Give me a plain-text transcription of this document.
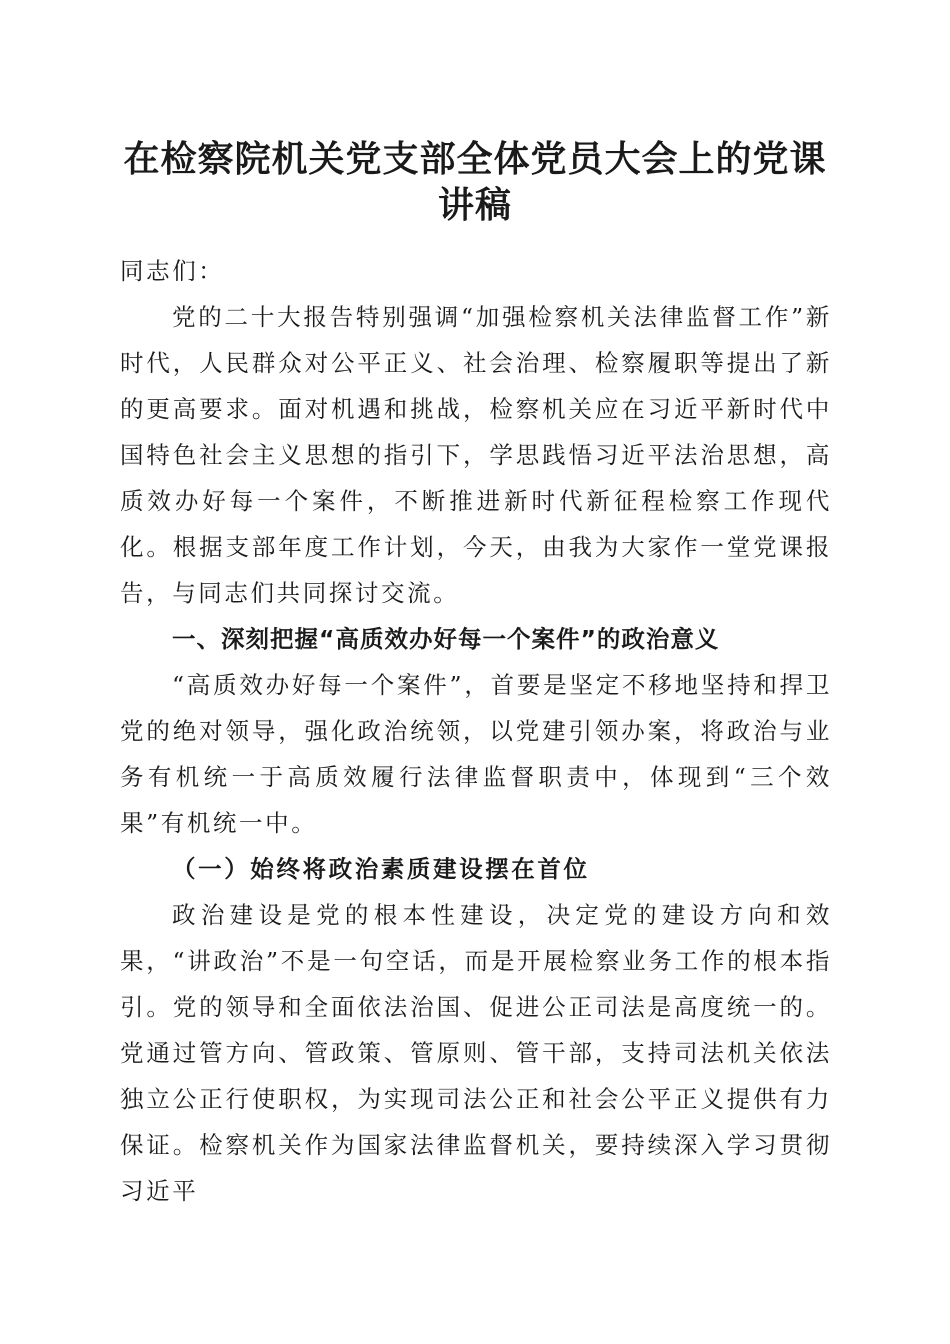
在检察院机关党支部全体党员大会上的党课讲稿

同志们：

党的二十大报告特别强调“加强检察机关法律监督工作”新时代，人民群众对公平正义、社会治理、检察履职等提出了新的更高要求。面对机遇和挑战，检察机关应在习近平新时代中国特色社会主义思想的指引下，学思践悟习近平法治思想，高质效办好每一个案件，不断推进新时代新征程检察工作现代化。根据支部年度工作计划，今天，由我为大家作一堂党课报告，与同志们共同探讨交流。

一、深刻把握“高质效办好每一个案件”的政治意义

“高质效办好每一个案件”，首要是坚定不移地坚持和捍卫党的绝对领导，强化政治统领，以党建引领办案，将政治与业务有机统一于高质效履行法律监督职责中，体现到“三个效果”有机统一中。

（一）始终将政治素质建设摆在首位

政治建设是党的根本性建设，决定党的建设方向和效果，“讲政治”不是一句空话，而是开展检察业务工作的根本指引。党的领导和全面依法治国、促进公正司法是高度统一的。党通过管方向、管政策、管原则、管干部，支持司法机关依法独立公正行使职权，为实现司法公正和社会公平正义提供有力保证。检察机关作为国家法律监督机关，要持续深入学习贯彻习近平
